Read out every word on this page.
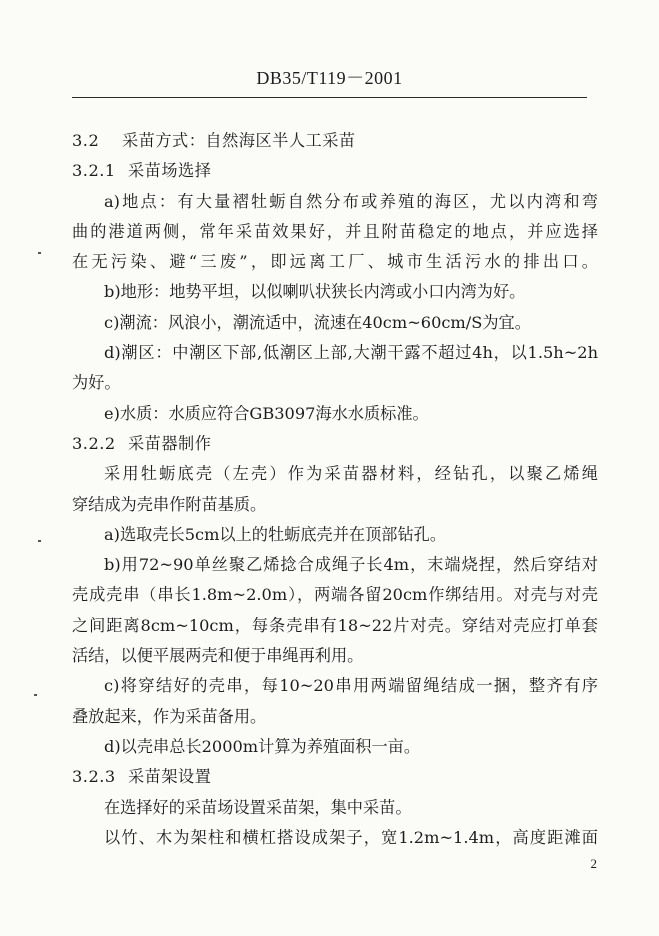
DB35/T119－2001
3.2 采苗方式：自然海区半人工采苗
3.2.1 采苗场选择
a)地点：有大量褶牡蛎自然分布或养殖的海区，尤以内湾和弯
曲的港道两侧，常年采苗效果好，并且附苗稳定的地点，并应选择
在无污染、避“三废”，即远离工厂、城市生活污水的排出口。
b)地形：地势平坦，以似喇叭状狭长内湾或小口内湾为好。
c)潮流：风浪小，潮流适中，流速在40cm~60cm/S为宜。
d)潮区：中潮区下部,低潮区上部,大潮干露不超过4h，以1.5h~2h
为好。
e)水质：水质应符合GB3097海水水质标准。
3.2.2 采苗器制作
采用牡蛎底壳（左壳）作为采苗器材料，经钻孔，以聚乙烯绳
穿结成为壳串作附苗基质。
a)选取壳长5cm以上的牡蛎底壳并在顶部钻孔。
b)用72~90单丝聚乙烯捻合成绳子长4m，末端烧捏，然后穿结对
壳成壳串（串长1.8m~2.0m），两端各留20cm作绑结用。对壳与对壳
之间距离8cm~10cm，每条壳串有18~22片对壳。穿结对壳应打单套
活结，以便平展两壳和便于串绳再利用。
c)将穿结好的壳串，每10~20串用两端留绳结成一捆，整齐有序
叠放起来，作为采苗备用。
d)以壳串总长2000m计算为养殖面积一亩。
3.2.3 采苗架设置
在选择好的采苗场设置采苗架，集中采苗。
以竹、木为架柱和横杠搭设成架子，宽1.2m~1.4m，高度距滩面
2
